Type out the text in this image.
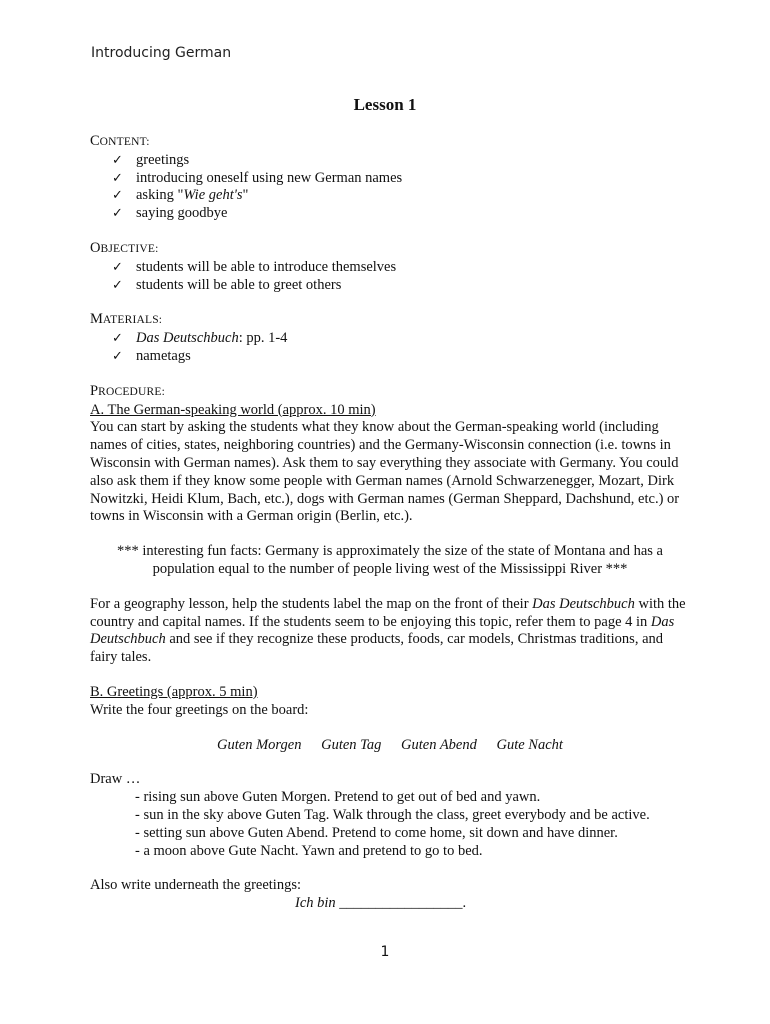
Introducing German
Lesson 1
CONTENT:
✓ greetings
✓ introducing oneself using new German names
✓ asking "Wie geht's"
✓ saying goodbye
OBJECTIVE:
✓ students will be able to introduce themselves
✓ students will be able to greet others
MATERIALS:
✓ Das Deutschbuch: pp. 1-4
✓ nametags
PROCEDURE:
A. The German-speaking world (approx. 10 min)
You can start by asking the students what they know about the German-speaking world (including names of cities, states, neighboring countries) and the Germany-Wisconsin connection (i.e. towns in Wisconsin with German names). Ask them to say everything they associate with Germany. You could also ask them if they know some people with German names (Arnold Schwarzenegger, Mozart, Dirk Nowitzki, Heidi Klum, Bach, etc.), dogs with German names (German Sheppard, Dachshund, etc.) or towns in Wisconsin with a German origin (Berlin, etc.).
*** interesting fun facts: Germany is approximately the size of the state of Montana and has a
population equal to the number of people living west of the Mississippi River ***
For a geography lesson, help the students label the map on the front of their Das Deutschbuch with the country and capital names. If the students seem to be enjoying this topic, refer them to page 4 in Das Deutschbuch and see if they recognize these products, foods, car models, Christmas traditions, and fairy tales.
B. Greetings (approx. 5 min)
Write the four greetings on the board:
Guten Morgen Guten Tag Guten Abend Gute Nacht
Draw …
- rising sun above Guten Morgen. Pretend to get out of bed and yawn.
- sun in the sky above Guten Tag. Walk through the class, greet everybody and be active.
- setting sun above Guten Abend. Pretend to come home, sit down and have dinner.
- a moon above Gute Nacht. Yawn and pretend to go to bed.
Also write underneath the greetings:
Ich bin _________________.
1
